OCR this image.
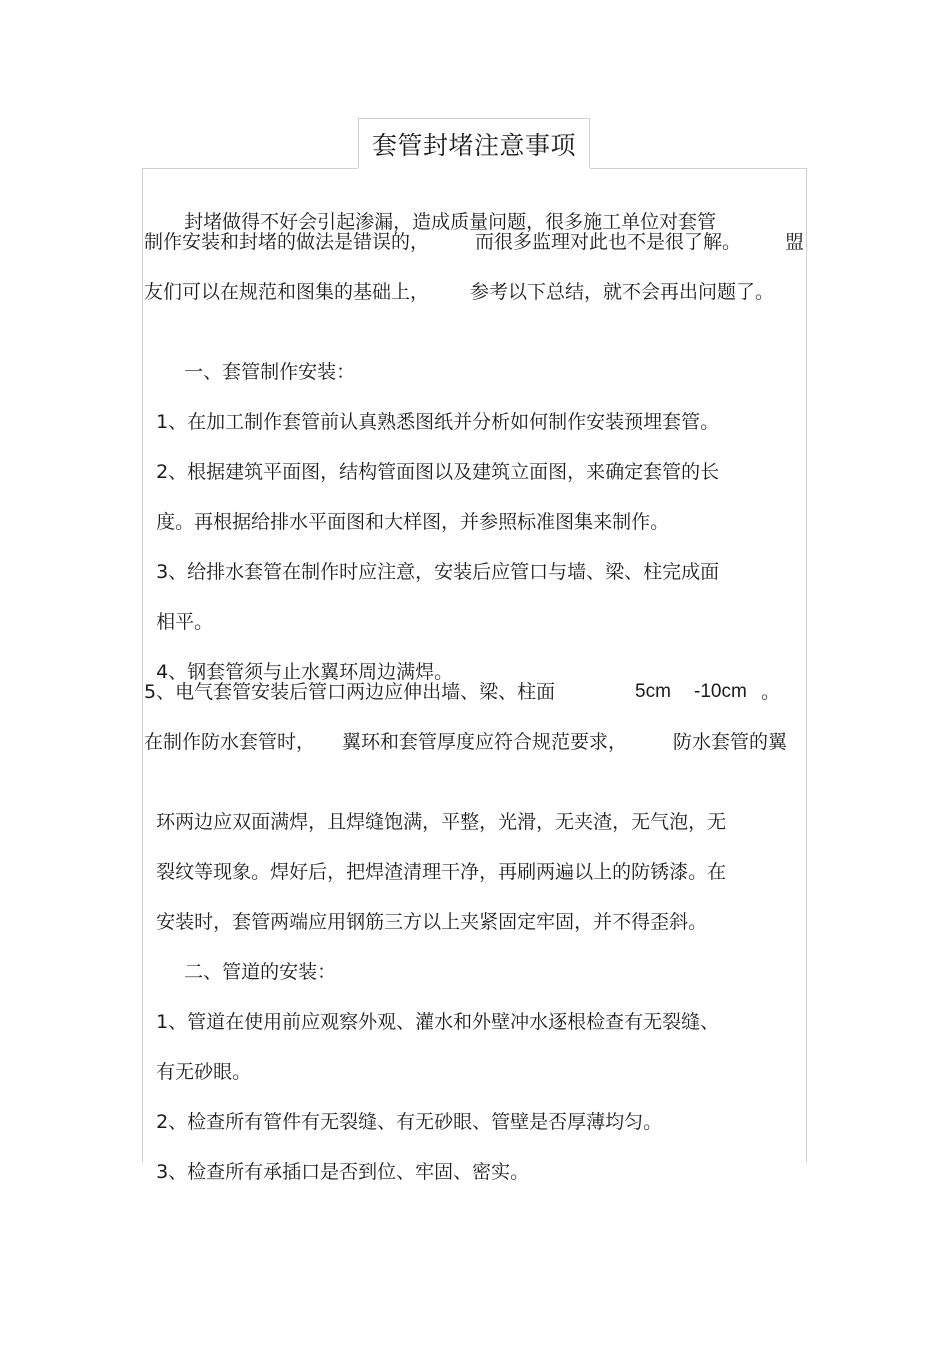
套管封堵注意事项

封堵做得不好会引起渗漏，造成质量问题，很多施工单位对套管

制作安装和封堵的做法是错误的，

而很多监理对此也不是很了解。

盟

友们可以在规范和图集的基础上，

参考以下总结，就不会再出问题了。

一、套管制作安装：

1、在加工制作套管前认真熟悉图纸并分析如何制作安装预埋套管。

2、根据建筑平面图，结构管面图以及建筑立面图，来确定套管的长

度。再根据给排水平面图和大样图，并参照标准图集来制作。

3、给排水套管在制作时应注意，安装后应管口与墙、梁、柱完成面

相平。

4、钢套管须与止水翼环周边满焊。

5、电气套管安装后管口两边应伸出墙、梁、柱面

	5cm

-10cm

。

在制作防水套管时，

翼环和套管厚度应符合规范要求，

防水套管的翼

环两边应双面满焊，且焊缝饱满，平整，光滑，无夹渣，无气泡，无

裂纹等现象。焊好后，把焊渣清理干净，再刷两遍以上的防锈漆。在

安装时，套管两端应用钢筋三方以上夹紧固定牢固，并不得歪斜。

二、管道的安装：

1、管道在使用前应观察外观、灌水和外壁冲水逐根检查有无裂缝、

有无砂眼。

2、检查所有管件有无裂缝、有无砂眼、管壁是否厚薄均匀。

3、检查所有承插口是否到位、牢固、密实。
